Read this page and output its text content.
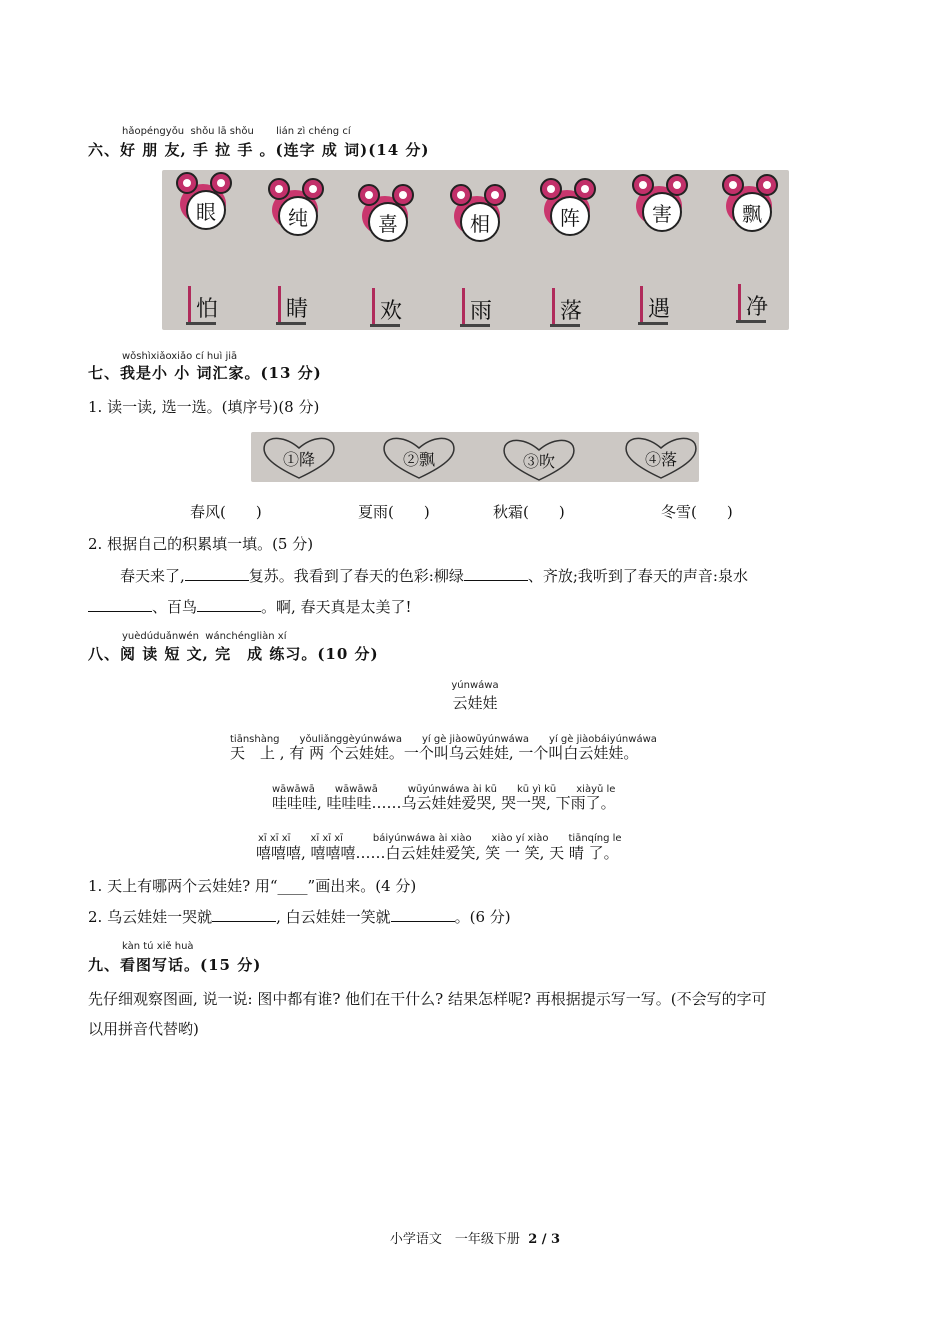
hǎopéngyǒu shǒu lā shǒu lián zì chéng cí
六、好 朋 友, 手 拉 手 。(连字 成 词)(14 分)
眼	纯	喜	相	阵	害	飘
怕	睛	欢	雨	落	遇	净
wǒshìxiǎoxiǎo cí huì jiā
七、我是小 小 词汇家。(13 分)
1. 读一读, 选一选。(填序号)(8 分)
①降	②飘	③吹	④落
春风(　　)	夏雨(　　)	秋霜(　　)	冬雪(　　)
2. 根据自己的积累填一填。(5 分)
春天来了,	复苏。我看到了春天的色彩:柳绿	、齐放;我听到了春天的声音:泉水
、百鸟	。啊, 春天真是太美了!
yuèdúduǎnwén wánchéngliàn xí
八、阅 读 短 文, 完　成 练习。(10 分)
yúnwáwa
云娃娃
tiānshàng　　yǒuliǎnggèyúnwáwa　　yí gè jiàowūyúnwáwa　　yí gè jiàobáiyúnwáwa
天　上 , 有 两 个云娃娃。一个叫乌云娃娃, 一个叫白云娃娃。
wāwāwā　　wāwāwā　　　wūyúnwáwa ài kū　　kū yì kū　　xiàyǔ le
哇哇哇, 哇哇哇……乌云娃娃爱哭, 哭一哭, 下雨了。
xī xī xī　　xī xī xī　　　báiyúnwáwa ài xiào　　xiào yí xiào　　tiānqíng le
嘻嘻嘻, 嘻嘻嘻……白云娃娃爱笑, 笑 一 笑, 天 晴 了。
1. 天上有哪两个云娃娃? 用“____”画出来。(4 分)
2. 乌云娃娃一哭就	, 白云娃娃一笑就	。(6 分)
kàn tú xiě huà
九、看图写话。(15 分)
先仔细观察图画, 说一说: 图中都有谁? 他们在干什么? 结果怎样呢? 再根据提示写一写。(不会写的字可
以用拼音代替哟)
小学语文　一年级下册 2 / 3
